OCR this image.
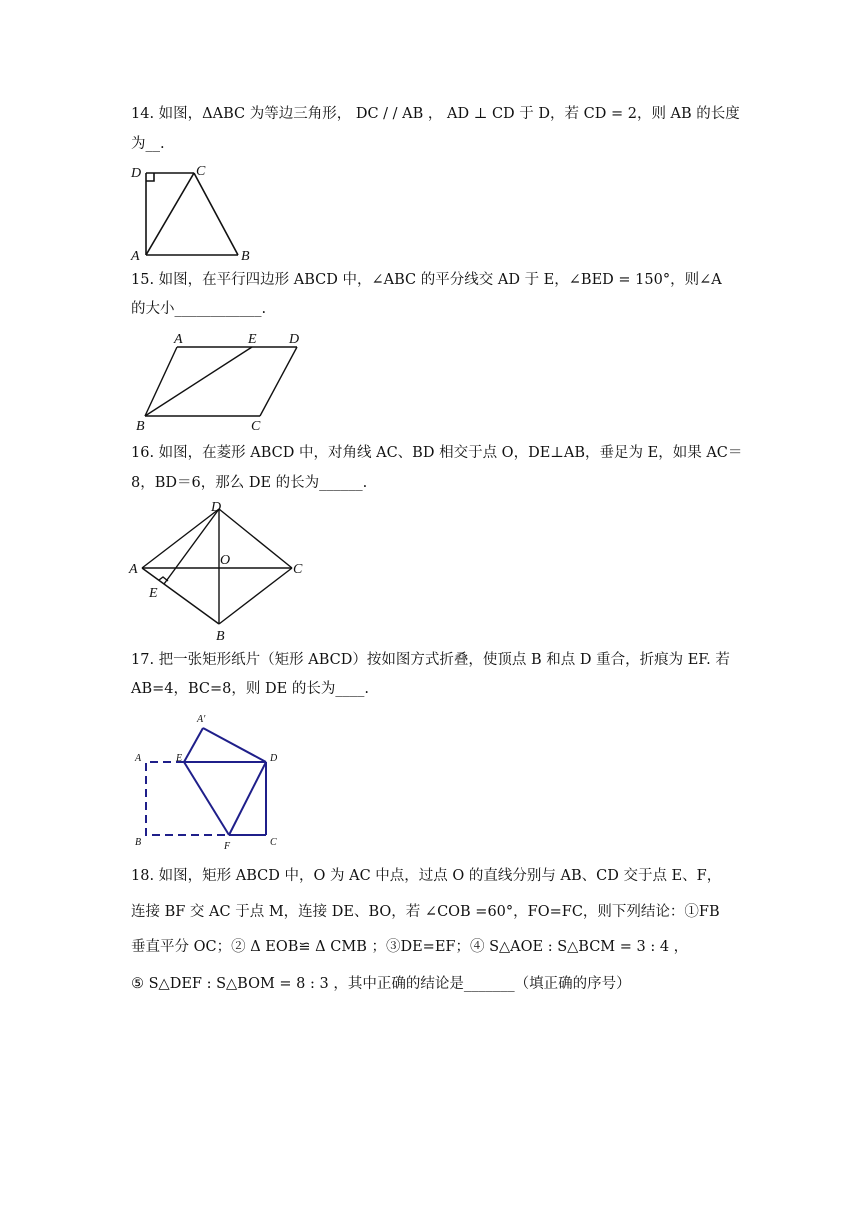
14. 如图，ΔABC 为等边三角形， DC / / AB ， AD ⊥ CD 于 D，若 CD = 2，则 AB 的长度
为__.
D	C
A	B
15. 如图，在平行四边形 ABCD 中，∠ABC 的平分线交 AD 于 E，∠BED = 150°，则∠A
的大小____________.
A	E D
B	C
16. 如图，在菱形 ABCD 中，对角线 AC、BD 相交于点 O，DE⊥AB，垂足为 E，如果 AC＝
8，BD＝6，那么 DE 的长为______.
D
A
O
C
E
B
17. 把一张矩形纸片（矩形 ABCD）按如图方式折叠，使顶点 B 和点 D 重合，折痕为 EF. 若
AB=4，BC=8，则 DE 的长为____.
A′
A	E	D
B	F	C
18. 如图，矩形 ABCD 中，O 为 AC 中点，过点 O 的直线分别与 AB、CD 交于点 E、F，
连接 BF 交 AC 于点 M，连接 DE、BO，若 ∠COB =60°，FO=FC，则下列结论：①FB
垂直平分 OC；② Δ EOB≌ Δ CMB ；③DE=EF；④ S△AOE : S△BCM = 3 : 4 ，
⑤ S△DEF : S△BOM = 8 : 3 ，其中正确的结论是_______（填正确的序号）
